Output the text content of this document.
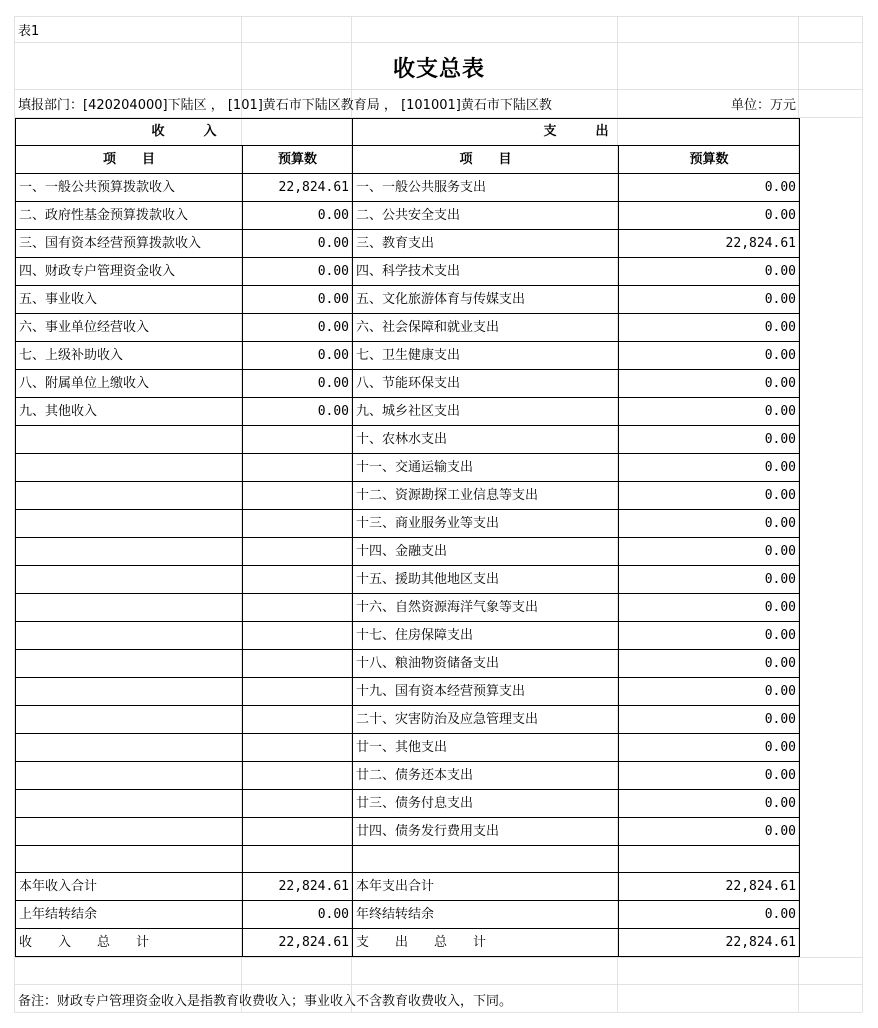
表1
收支总表
填报部门：[420204000]下陆区 ， [101]黄石市下陆区教育局 ， [101001]黄石市下陆区教	单位：万元
收　　　入		支　　　出	
项　　目	预算数	项　　目	预算数
一、一般公共预算拨款收入	22,824.61	一、一般公共服务支出	0.00
二、政府性基金预算拨款收入	0.00	二、公共安全支出	0.00
三、国有资本经营预算拨款收入	0.00	三、教育支出	22,824.61
四、财政专户管理资金收入	0.00	四、科学技术支出	0.00
五、事业收入	0.00	五、文化旅游体育与传媒支出	0.00
六、事业单位经营收入	0.00	六、社会保障和就业支出	0.00
七、上级补助收入	0.00	七、卫生健康支出	0.00
八、附属单位上缴收入	0.00	八、节能环保支出	0.00
九、其他收入	0.00	九、城乡社区支出	0.00
		十、农林水支出	0.00
		十一、交通运输支出	0.00
		十二、资源勘探工业信息等支出	0.00
		十三、商业服务业等支出	0.00
		十四、金融支出	0.00
		十五、援助其他地区支出	0.00
		十六、自然资源海洋气象等支出	0.00
		十七、住房保障支出	0.00
		十八、粮油物资储备支出	0.00
		十九、国有资本经营预算支出	0.00
		二十、灾害防治及应急管理支出	0.00
		廿一、其他支出	0.00
		廿二、债务还本支出	0.00
		廿三、债务付息支出	0.00
		廿四、债务发行费用支出	0.00

本年收入合计	22,824.61	本年支出合计	22,824.61
上年结转结余	0.00	年终结转结余	0.00
收　　入　　总　　计	22,824.61	支　　出　　总　　计	22,824.61
备注：财政专户管理资金收入是指教育收费收入；事业收入不含教育收费收入，下同。
